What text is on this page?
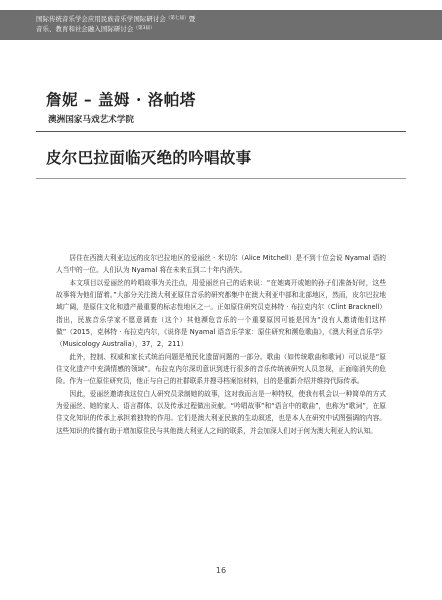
国际传统音乐学会应用民族音乐学国际研讨会$^{(第七届)}$暨
音乐、教育和社会融入国际研讨会$^{(第3届)}$
詹妮 – 盖姆 · 洛帕塔
澳洲国家马戏艺术学院
皮尔巴拉面临灭绝的吟唱故事

居住在西澳大利亚边远的皮尔巴拉地区的爱丽丝 · 米切尔（Alice Mitchell）是不到十位会说 Nyamal 语的人当中的一位。人们认为 Nyamal 将在未来五到二十年内消失。

本文项目以爱丽丝的吟唱故事为关注点，用爱丽丝自己的话来说：“在她离开或她的孙子们准备好时，这些故事将为他们留着。”大部分关注澳大利亚原住音乐的研究都集中在澳大利亚中部和北部地区，然而，皮尔巴拉地域广阔，是原住文化和遗产最重要的标志性地区之一。正如原住研究员克林特 · 布拉克内尔（Clint Bracknell）指出，民族音乐学家不愿意调查（这个）其他濒危音乐的一个重要原因可能是因为“没有人邀请他们这样做”（2015，克林特 · 布拉克内尔，《说你是 Nyamal 语音乐学家：原住研究和濒危歌曲》，《澳大利亚音乐学》（Musicology Australia），37，2，211）

此外，控制、权威和家长式统治问题是殖民化遗留问题的一部分。歌曲（如传统歌曲和歌词）可以说是“原住文化遗产中充满情感的领域”。布拉克内尔深切意识到进行很多的音乐传统被研究人员忽视，正面临消失的危险。作为一位原住研究员，他正与自己的社群联系并搜寻档案馆材料，目的是重新介绍并维持代际传承。

因此，爱丽丝邀请我这位白人研究员录制她的故事，这对我而言是一种特权，使我有机会以一种简单的方式为爱丽丝、她的家人、语言群体、以及传承过程做出贡献。“吟唱故事”和“语言中的歌曲”，也称为“歌词”，在原住文化知识的传承上承担着独特的作用。它们是澳大利亚民族的生动叙述，也是本人在研究中试图强调的内容。这些知识的传播有助于增加原住民与其他澳大利亚人之间的联系，并会加深人们对于何为澳大利亚人的认知。

16
